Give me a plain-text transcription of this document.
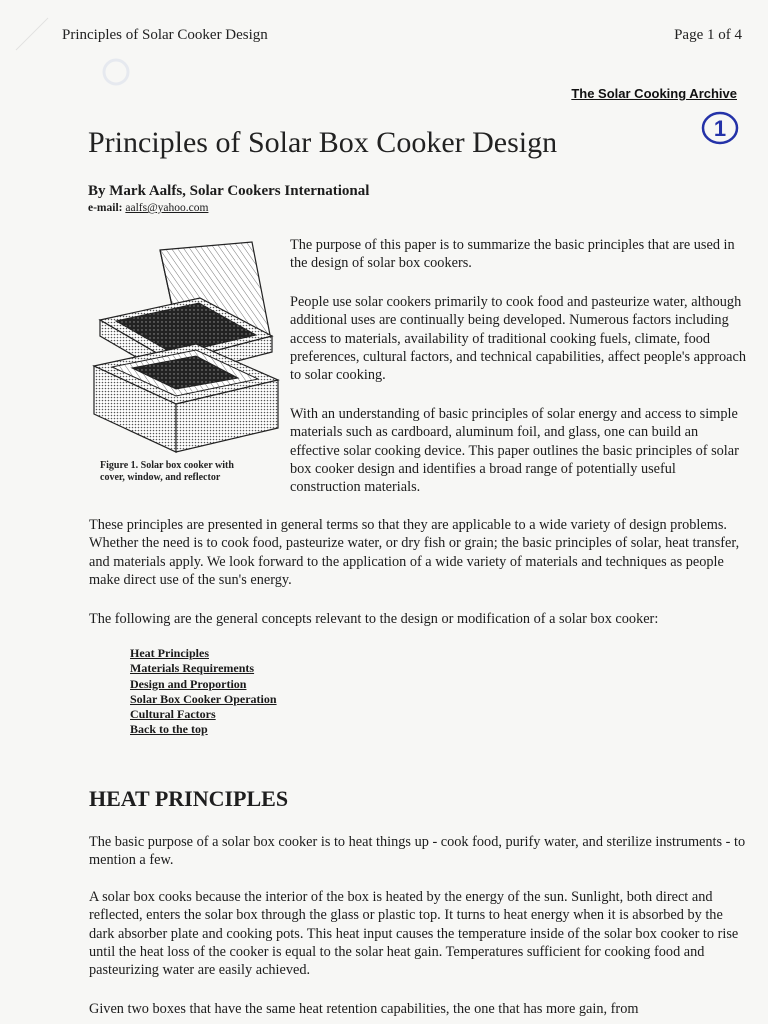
Principles of Solar Cooker Design	Page 1 of 4
The Solar Cooking Archive
1
Principles of Solar Box Cooker Design
By Mark Aalfs, Solar Cookers International
e-mail: aalfs@yahoo.com
Figure 1. Solar box cooker with
cover, window, and reflector

The purpose of this paper is to summarize the basic principles that are used in the design of solar box cookers.

People use solar cookers primarily to cook food and pasteurize water, although additional uses are continually being developed. Numerous factors including access to materials, availability of traditional cooking fuels, climate, food preferences, cultural factors, and technical capabilities, affect people's approach to solar cooking.

With an understanding of basic principles of solar energy and access to simple materials such as cardboard, aluminum foil, and glass, one can build an effective solar cooking device. This paper outlines the basic principles of solar box cooker design and identifies a broad range of potentially useful construction materials.

These principles are presented in general terms so that they are applicable to a wide variety of design problems. Whether the need is to cook food, pasteurize water, or dry fish or grain; the basic principles of solar, heat transfer, and materials apply. We look forward to the application of a wide variety of materials and techniques as people make direct use of the sun's energy.

The following are the general concepts relevant to the design or modification of a solar box cooker:

Heat Principles
Materials Requirements
Design and Proportion
Solar Box Cooker Operation
Cultural Factors
Back to the top
HEAT PRINCIPLES

The basic purpose of a solar box cooker is to heat things up - cook food, purify water, and sterilize instruments - to mention a few.

A solar box cooks because the interior of the box is heated by the energy of the sun. Sunlight, both direct and reflected, enters the solar box through the glass or plastic top. It turns to heat energy when it is absorbed by the dark absorber plate and cooking pots. This heat input causes the temperature inside of the solar box cooker to rise until the heat loss of the cooker is equal to the solar heat gain. Temperatures sufficient for cooking food and pasteurizing water are easily achieved.

Given two boxes that have the same heat retention capabilities, the one that has more gain, from
